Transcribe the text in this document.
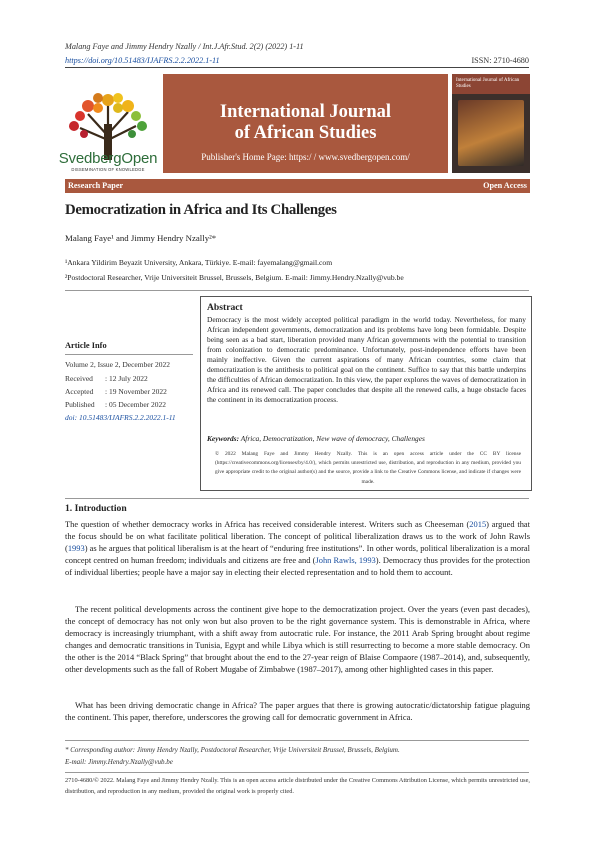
Malang Faye and Jimmy Hendry Nzally / Int.J.Afr.Stud. 2(2) (2022) 1-11
https://doi.org/10.51483/IJAFRS.2.2.2022.1-11	ISSN: 2710-4680
SvedbergOpen
DISSEMINATION OF KNOWLEDGE
International Journal
of African Studies
Publisher's Home Page: https:/ / www.svedbergopen.com/
International Journal of African Studies
Research Paper	Open Access
Democratization in Africa and Its Challenges
Malang Faye¹ and Jimmy Hendry Nzally²*
¹Ankara Yildirim Beyazit University, Ankara, Türkiye. E-mail: fayemalang@gmail.com
²Postdoctoral Researcher, Vrije Universiteit Brussel, Brussels, Belgium. E-mail: Jimmy.Hendry.Nzally@vub.be
Article Info
Volume 2, Issue 2, December 2022
Received : 12 July 2022
Accepted : 19 November 2022
Published : 05 December 2022
doi: 10.51483/IJAFRS.2.2.2022.1-11
Abstract
Democracy is the most widely accepted political paradigm in the world today. Nevertheless, for many African independent governments, democratization and its problems have long been formidable. Despite being seen as a bad start, liberation provided many African governments with the potential to transition from colonization to democratic predominance. Unfortunately, post-independence efforts have been mainly ineffective. Given the current aspirations of many African countries, some claim that democratization is the antithesis to political goal on the continent. Suffice to say that this battle underpins the difficulties of African democratization. In this view, the paper explores the waves of democratization in Africa and its renewed call. The paper concludes that despite all the renewed calls, a huge obstacle faces the continent in its democratization process.
Keywords: Africa, Democratization, New wave of democracy, Challenges
© 2022 Malang Faye and Jimmy Hendry Nzally. This is an open access article under the CC BY license (https://creativecommons.org/licenses/by/4.0/), which permits unrestricted use, distribution, and reproduction in any medium, provided you give appropriate credit to the original author(s) and the source, provide a link to the Creative Commons license, and indicate if changes were made.
1. Introduction
The question of whether democracy works in Africa has received considerable interest. Writers such as Cheeseman (2015) argued that the focus should be on what facilitate political liberation. The concept of political liberalization draws us to the work of John Rawls (1993) as he argues that political liberalism is at the heart of “enduring free institutions”. In other words, political liberalization is a moral concept centred on human freedom; individuals and citizens are free and (John Rawls, 1993). Democracy thus provides for the protection of individual liberties; people have a major say in electing their elected representation and to hold them to account.
The recent political developments across the continent give hope to the democratization project. Over the years (even past decades), the concept of democracy has not only won but also proven to be the right governance system. This is demonstrable in Africa, where democracy is increasingly triumphant, with a shift away from autocratic rule. For instance, the 2011 Arab Spring brought about regime changes and democratic transitions in Tunisia, Egypt and while Libya which is still resurrecting to become a more stable democracy. On the other is the 2014 “Black Spring” that brought about the end to the 27-year reign of Blaise Compaore (1987–2014), and, subsequently, other developments such as the fall of Robert Mugabe of Zimbabwe (1987–2017), among other highlighted cases in this paper.
What has been driving democratic change in Africa? The paper argues that there is growing autocratic/dictatorship fatigue plaguing the continent. This paper, therefore, underscores the growing call for democratic government in Africa.
* Corresponding author: Jimmy Hendry Nzally, Postdoctoral Researcher, Vrije Universiteit Brussel, Brussels, Belgium.
E-mail: Jimmy.Hendry.Nzally@vub.be
2710-4680/© 2022. Malang Faye and Jimmy Hendry Nzally. This is an open access article distributed under the Creative Commons Attribution License, which permits unrestricted use, distribution, and reproduction in any medium, provided the original work is properly cited.
